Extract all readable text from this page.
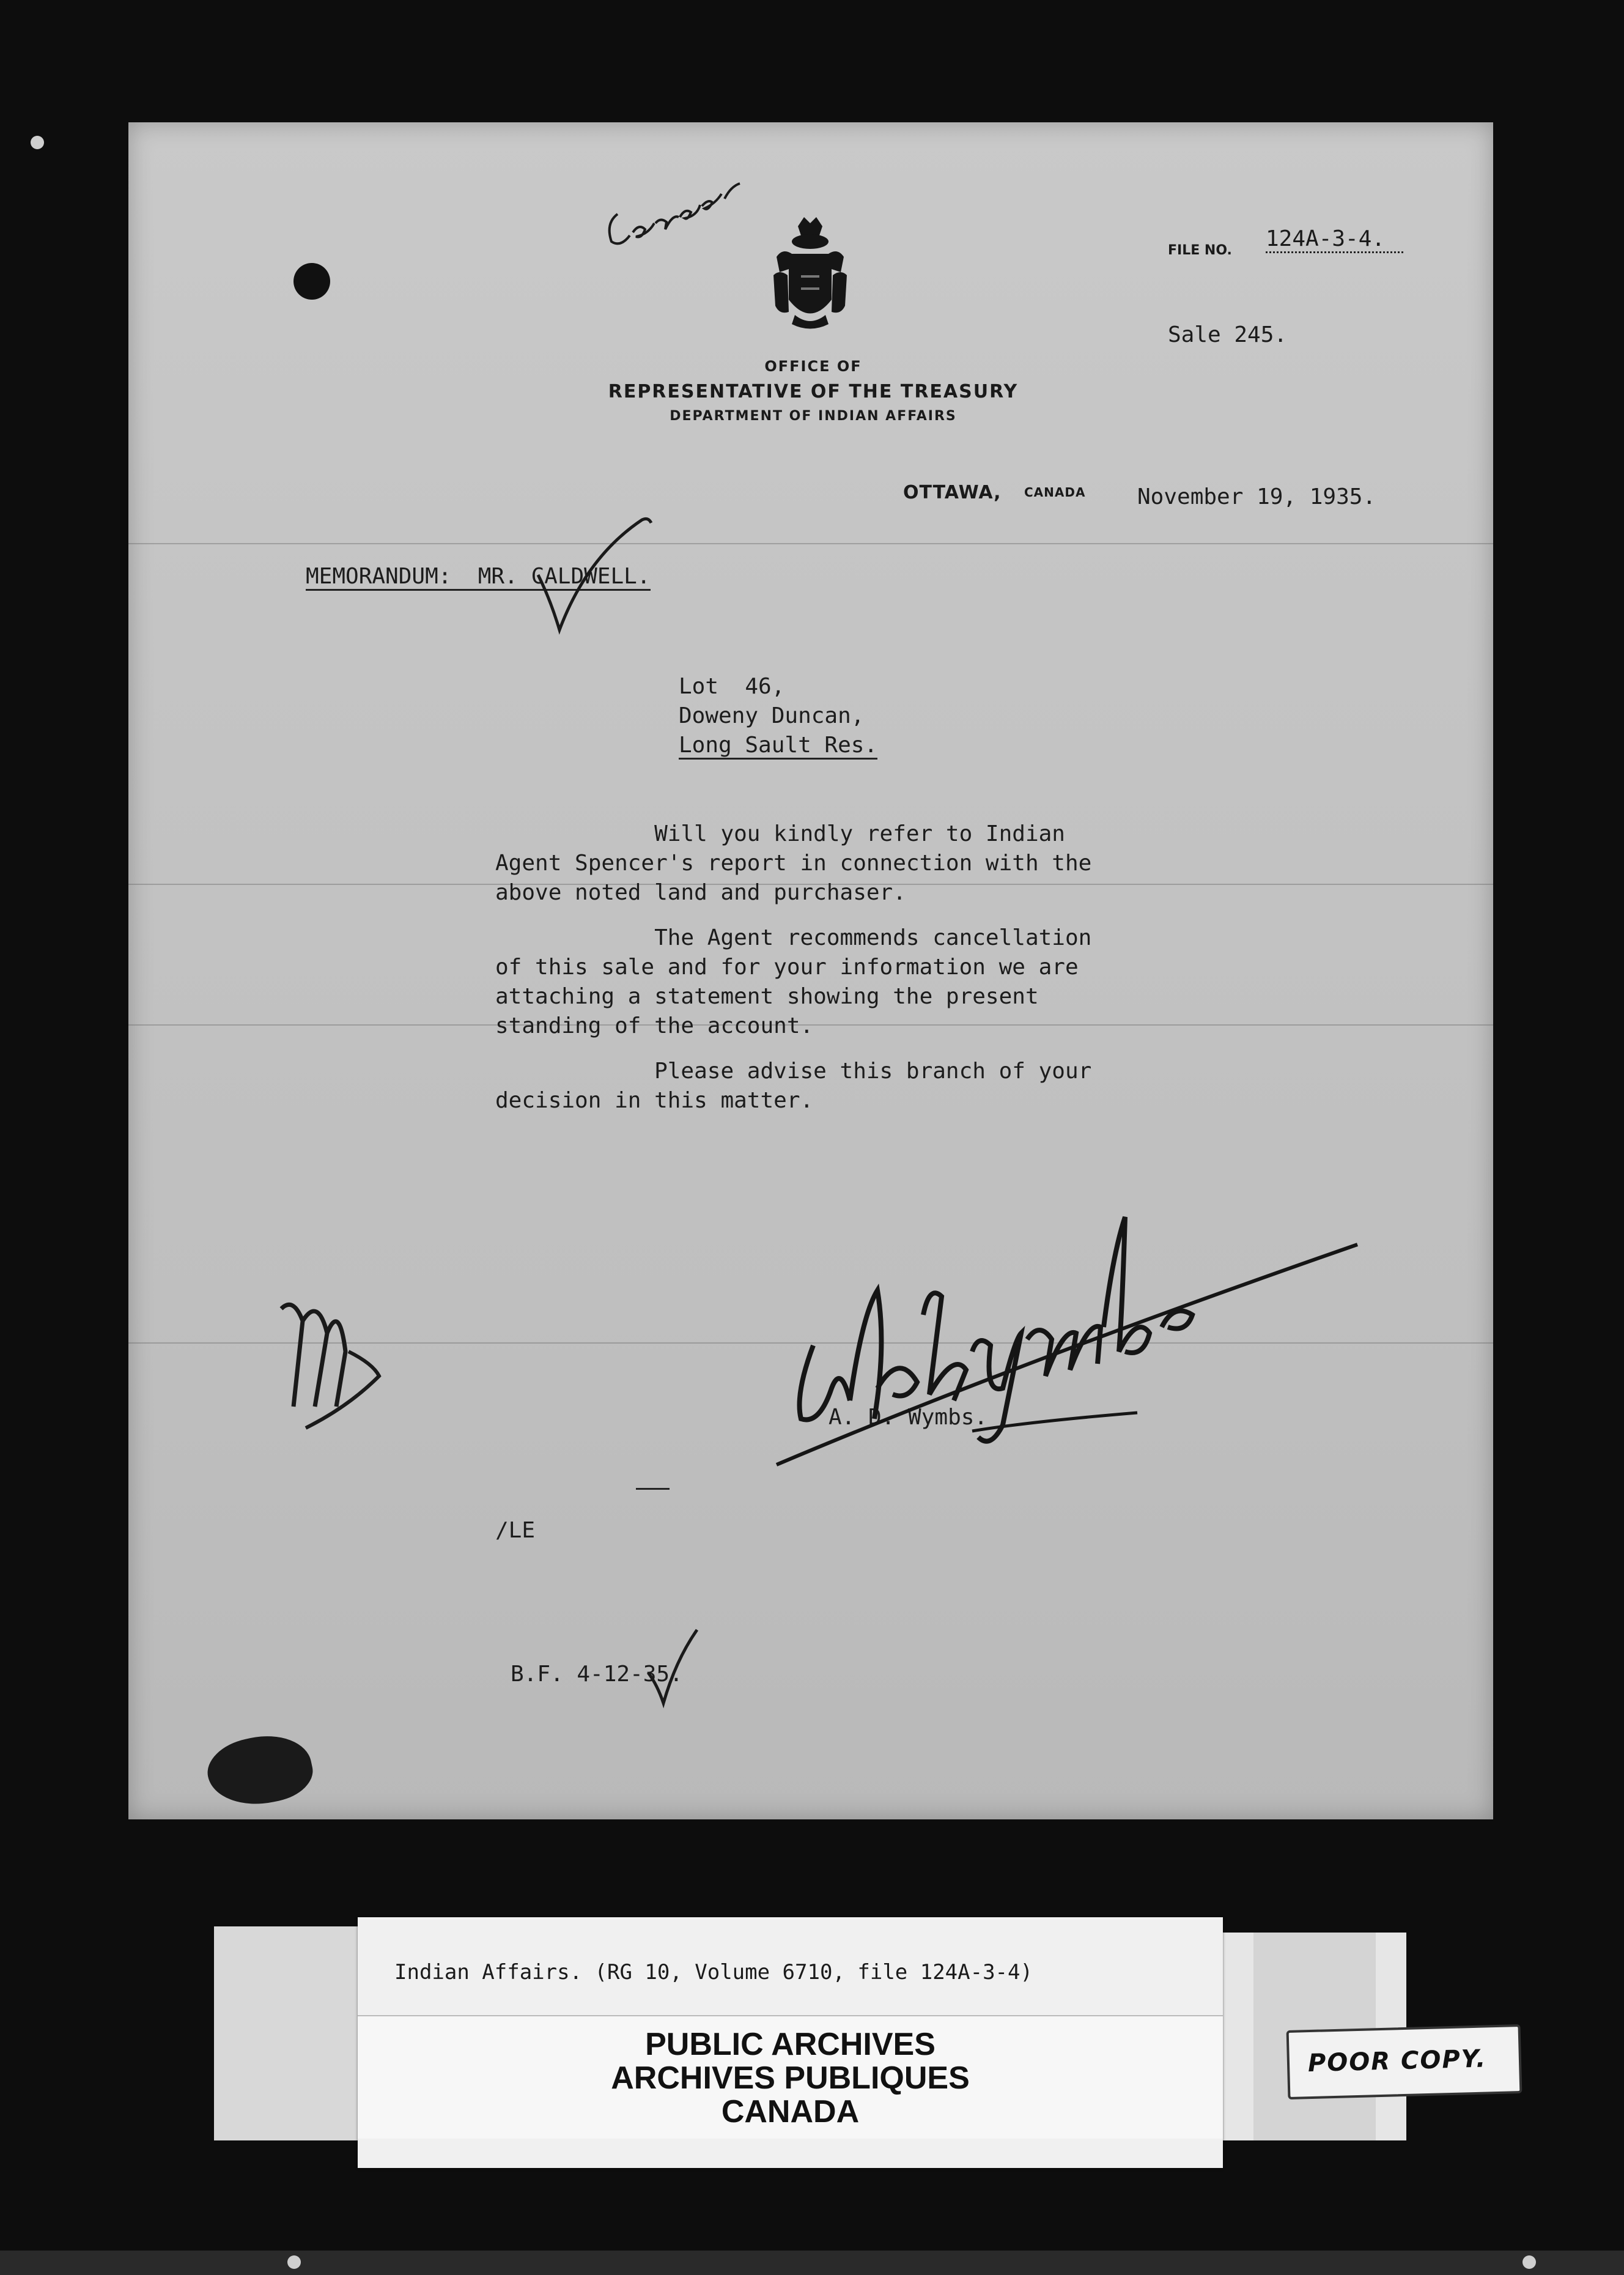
OFFICE OF
REPRESENTATIVE OF THE TREASURY
DEPARTMENT OF INDIAN AFFAIRS
FILE NO. 124A-3-4.
Sale 245.
OTTAWA, CANADA November 19, 1935.
MEMORANDUM:  MR. CALDWELL.
Lot  46,
Doweny Duncan,
Long Sault Res.
Will you kindly refer to Indian
Agent Spencer's report in connection with the
above noted land and purchaser.
The Agent recommends cancellation
of this sale and for your information we are
attaching a statement showing the present
standing of the account.
Please advise this branch of your
decision in this matter.
A. D. Wymbs.
/LE
B.F. 4-12-35.
Indian Affairs. (RG 10, Volume 6710, file 124A-3-4)
PUBLIC ARCHIVES
ARCHIVES PUBLIQUES
CANADA
POOR COPY.
